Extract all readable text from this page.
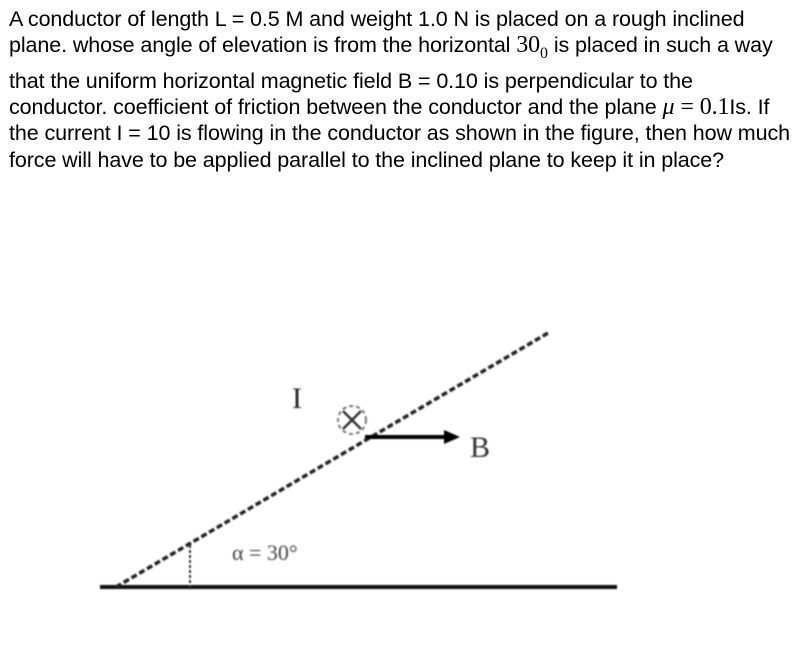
A conductor of length L = 0.5 M and weight 1.0 N is placed on a rough inclined plane. whose angle of elevation is from the horizontal $30_0$ is placed in such a way that the uniform horizontal magnetic field B = 0.10 is perpendicular to the conductor. coefficient of friction between the conductor and the plane μ = 0.1Is. If the current I = 10 is flowing in the conductor as shown in the figure, then how much force will have to be applied parallel to the inclined plane to keep it in place?
I
B
α = 30°
